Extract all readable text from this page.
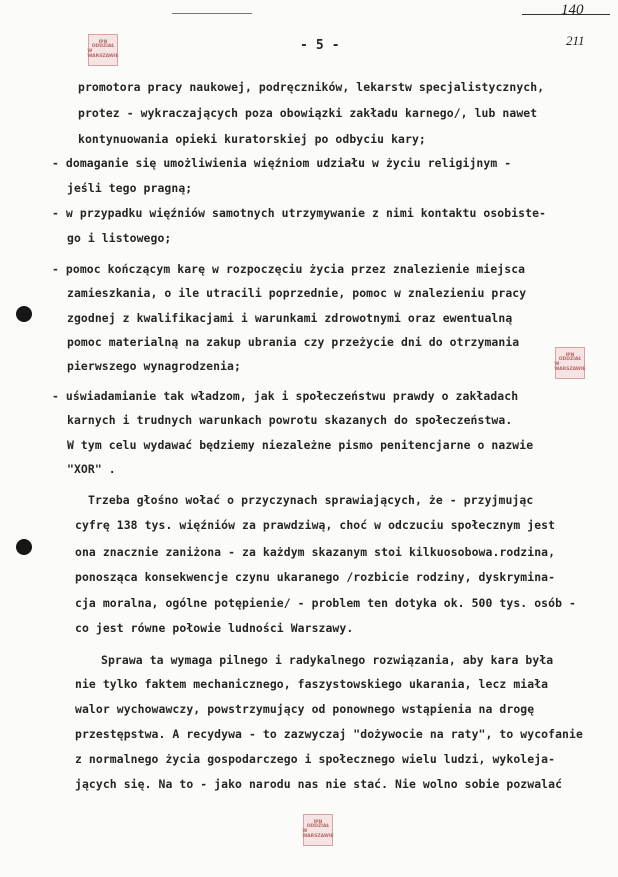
140
211
- 5 -
IPN
ODDZIAŁ
W WARSZAWIE
IPN
ODDZIAŁ
W WARSZAWIE
IPN
ODDZIAŁ
W WARSZAWIE
promotora pracy naukowej, podręczników, lekarstw specjalistycznych,
protez - wykraczających poza obowiązki zakładu karnego/, lub nawet
kontynuowania opieki kuratorskiej po odbyciu kary;
- domaganie się umożliwienia więźniom udziału w życiu religijnym -
jeśli tego pragną;
- w przypadku więźniów samotnych utrzymywanie z nimi kontaktu osobiste-
go i listowego;
- pomoc kończącym karę w rozpoczęciu życia przez znalezienie miejsca
zamieszkania, o ile utracili poprzednie, pomoc w znalezieniu pracy
zgodnej z kwalifikacjami i warunkami zdrowotnymi oraz ewentualną
pomoc materialną na zakup ubrania czy przeżycie dni do otrzymania
pierwszego wynagrodzenia;
- uświadamianie tak władzom, jak i społeczeństwu prawdy o zakładach
karnych i trudnych warunkach powrotu skazanych do społeczeństwa.
W tym celu wydawać będziemy niezależne pismo penitencjarne o nazwie
"XOR" .
Trzeba głośno wołać o przyczynach sprawiających, że - przyjmując
cyfrę 138 tys. więźniów za prawdziwą, choć w odczuciu społecznym jest
ona znacznie zaniżona - za każdym skazanym stoi kilkuosobowa.rodzina,
ponosząca konsekwencje czynu ukaranego /rozbicie rodziny, dyskrymina-
cja moralna, ogólne potępienie/ - problem ten dotyka ok. 500 tys. osób -
co jest równe połowie ludności Warszawy.
Sprawa ta wymaga pilnego i radykalnego rozwiązania, aby kara była
nie tylko faktem mechanicznego, faszystowskiego ukarania, lecz miała
walor wychowawczy, powstrzymujący od ponownego wstąpienia na drogę
przestępstwa. A recydywa - to zazwyczaj "dożywocie na raty", to wycofanie
z normalnego życia gospodarczego i społecznego wielu ludzi, wykoleja-
jących się. Na to - jako narodu nas nie stać. Nie wolno sobie pozwalać
